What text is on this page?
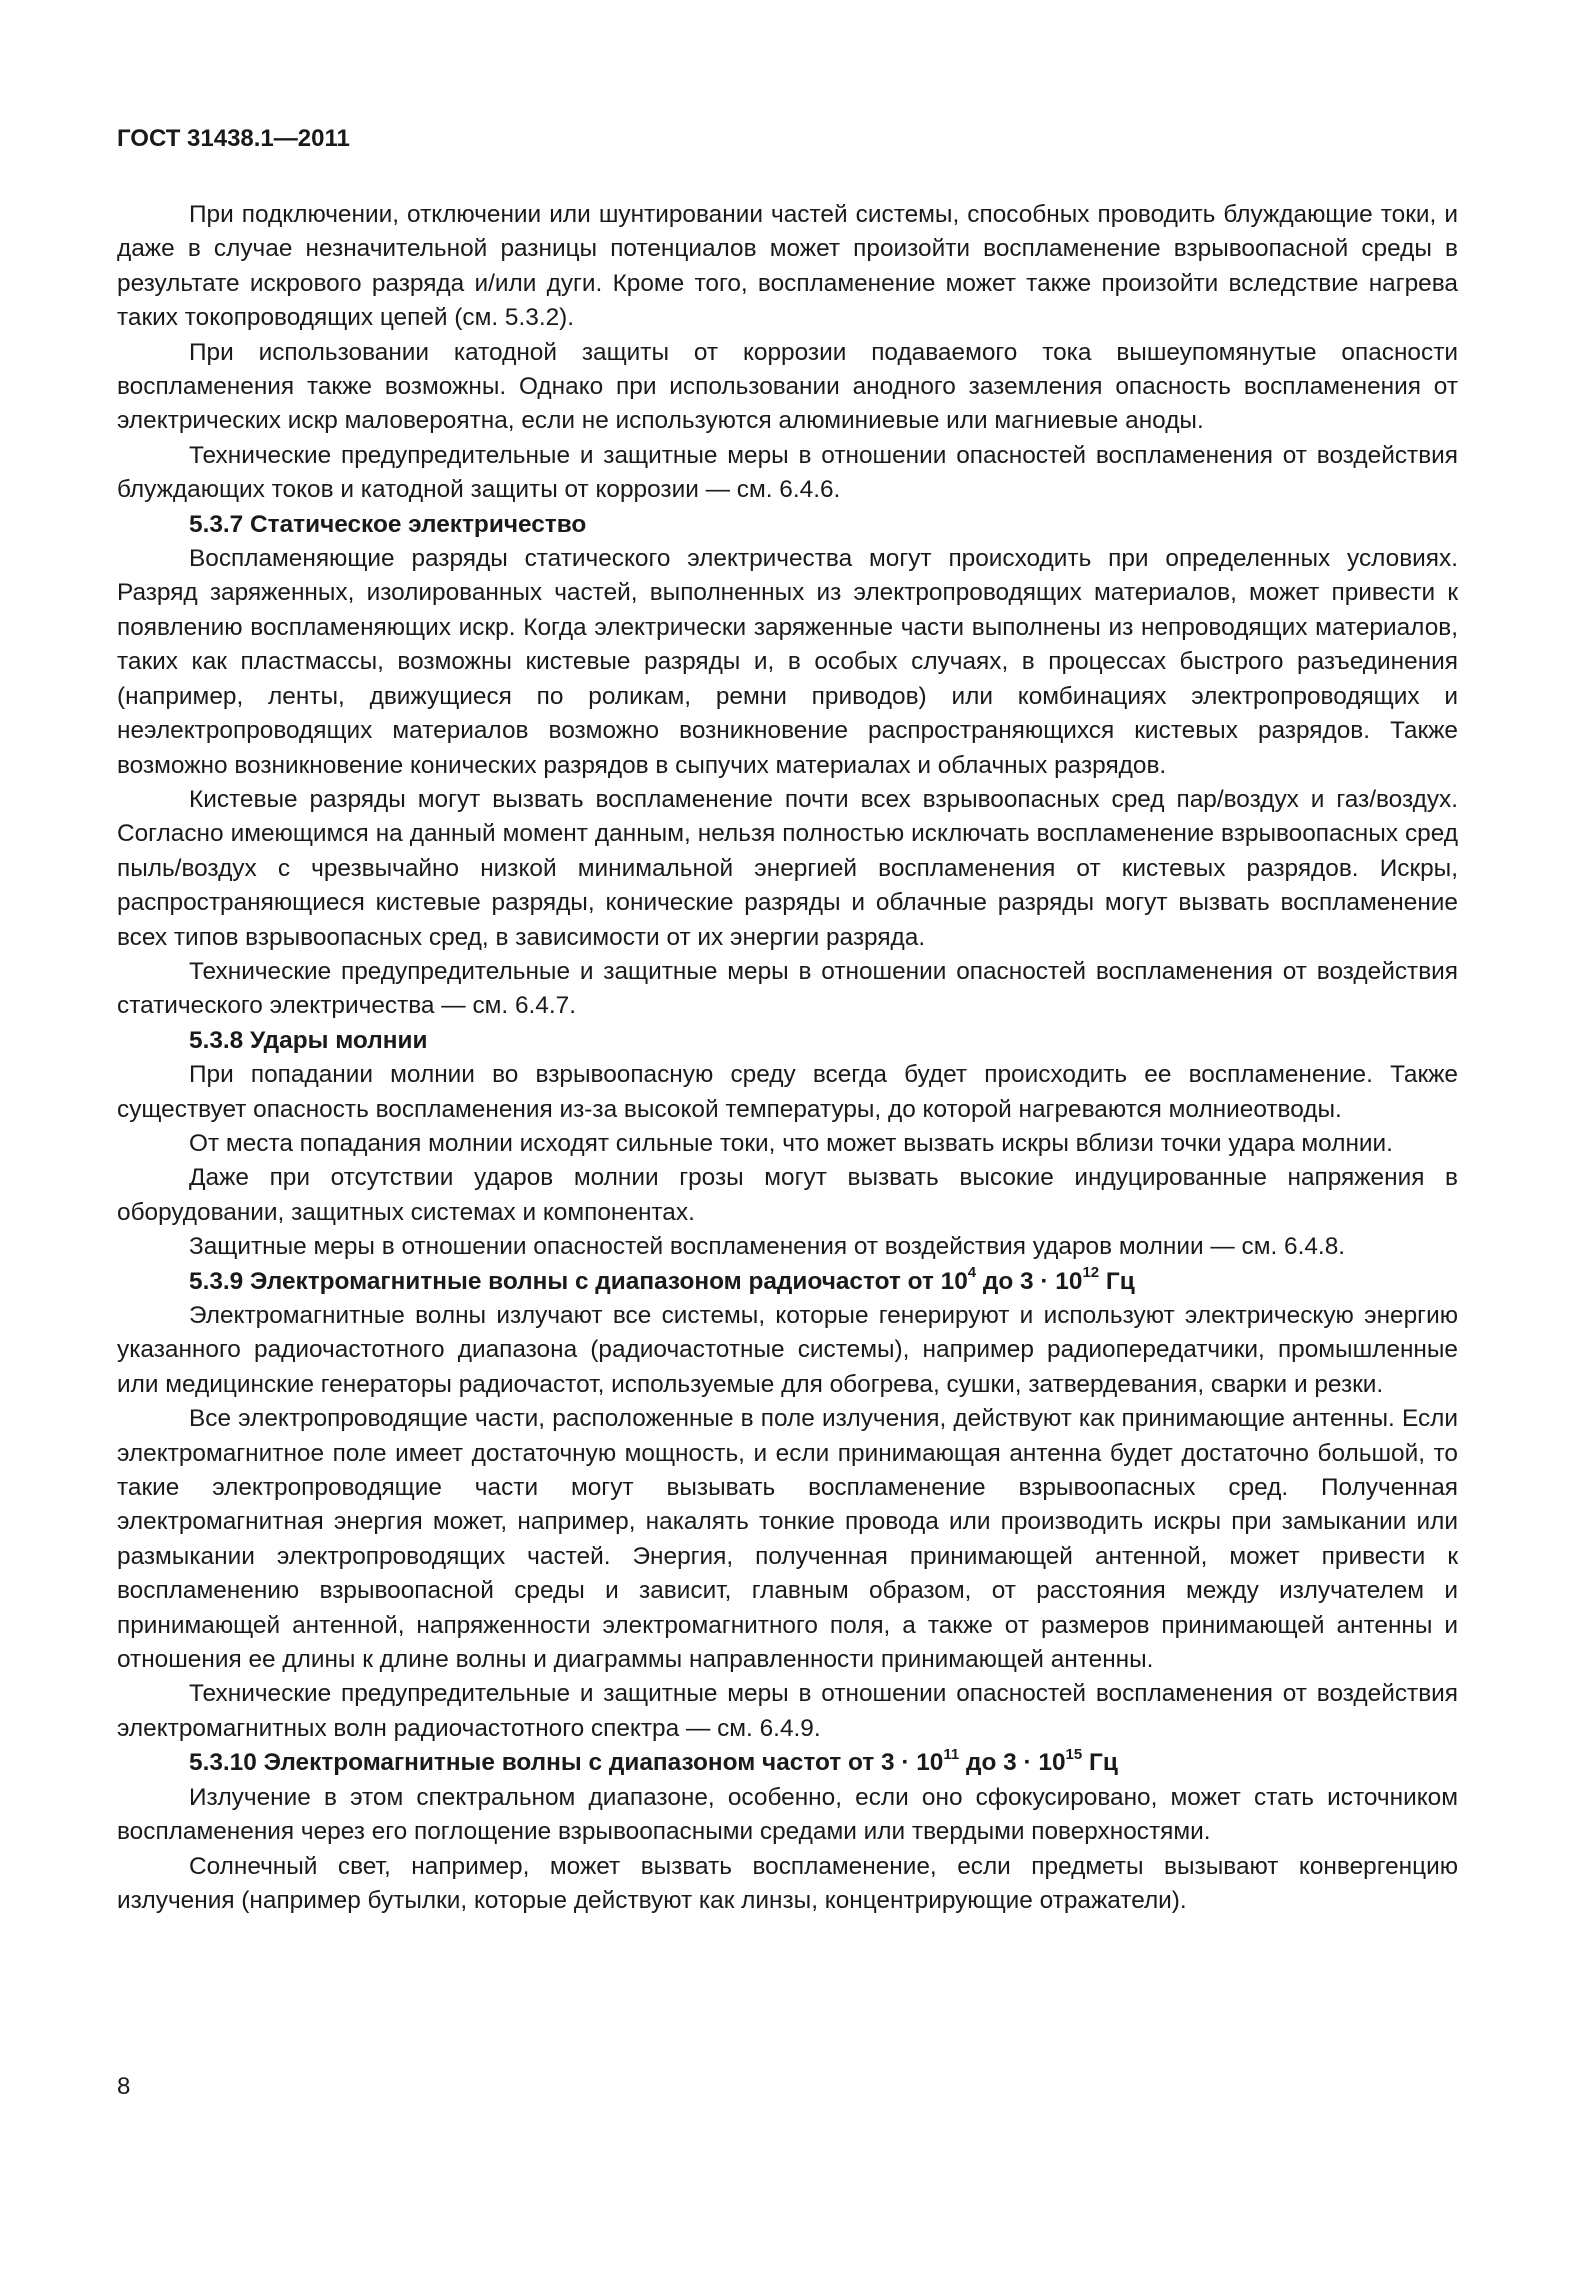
ГОСТ 31438.1—2011

При подключении, отключении или шунтировании частей системы, способных проводить блуждающие токи, и даже в случае незначительной разницы потенциалов может произойти воспламенение взрывоопасной среды в результате искрового разряда и/или дуги. Кроме того, воспламенение может также произойти вследствие нагрева таких токопроводящих цепей (см. 5.3.2).

При использовании катодной защиты от коррозии подаваемого тока вышеупомянутые опасности воспламенения также возможны. Однако при использовании анодного заземления опасность воспламенения от электрических искр маловероятна, если не используются алюминиевые или магниевые аноды.

Технические предупредительные и защитные меры в отношении опасностей воспламенения от воздействия блуждающих токов и катодной защиты от коррозии — см. 6.4.6.

5.3.7 Статическое электричество

Воспламеняющие разряды статического электричества могут происходить при определенных условиях. Разряд заряженных, изолированных частей, выполненных из электропроводящих материалов, может привести к появлению воспламеняющих искр. Когда электрически заряженные части выполнены из непроводящих материалов, таких как пластмассы, возможны кистевые разряды и, в особых случаях, в процессах быстрого разъединения (например, ленты, движущиеся по роликам, ремни приводов) или комбинациях электропроводящих и неэлектропроводящих материалов возможно возникновение распространяющихся кистевых разрядов. Также возможно возникновение конических разрядов в сыпучих материалах и облачных разрядов.

Кистевые разряды могут вызвать воспламенение почти всех взрывоопасных сред пар/воздух и газ/воздух. Согласно имеющимся на данный момент данным, нельзя полностью исключать воспламенение взрывоопасных сред пыль/воздух с чрезвычайно низкой минимальной энергией воспламенения от кистевых разрядов. Искры, распространяющиеся кистевые разряды, конические разряды и облачные разряды могут вызвать воспламенение всех типов взрывоопасных сред, в зависимости от их энергии разряда.

Технические предупредительные и защитные меры в отношении опасностей воспламенения от воздействия статического электричества — см. 6.4.7.

5.3.8 Удары молнии

При попадании молнии во взрывоопасную среду всегда будет происходить ее воспламенение. Также существует опасность воспламенения из-за высокой температуры, до которой нагреваются молниеотводы.

От места попадания молнии исходят сильные токи, что может вызвать искры вблизи точки удара молнии.

Даже при отсутствии ударов молнии грозы могут вызвать высокие индуцированные напряжения в оборудовании, защитных системах и компонентах.

Защитные меры в отношении опасностей воспламенения от воздействия ударов молнии — см. 6.4.8.

5.3.9 Электромагнитные волны с диапазоном радиочастот от $10^4$ до $3 \cdot 10^{12}$ Гц

Электромагнитные волны излучают все системы, которые генерируют и используют электрическую энергию указанного радиочастотного диапазона (радиочастотные системы), например радиопередатчики, промышленные или медицинские генераторы радиочастот, используемые для обогрева, сушки, затвердевания, сварки и резки.

Все электропроводящие части, расположенные в поле излучения, действуют как принимающие антенны. Если электромагнитное поле имеет достаточную мощность, и если принимающая антенна будет достаточно большой, то такие электропроводящие части могут вызывать воспламенение взрывоопасных сред. Полученная электромагнитная энергия может, например, накалять тонкие провода или производить искры при замыкании или размыкании электропроводящих частей. Энергия, полученная принимающей антенной, может привести к воспламенению взрывоопасной среды и зависит, главным образом, от расстояния между излучателем и принимающей антенной, напряженности электромагнитного поля, а также от размеров принимающей антенны и отношения ее длины к длине волны и диаграммы направленности принимающей антенны.

Технические предупредительные и защитные меры в отношении опасностей воспламенения от воздействия электромагнитных волн радиочастотного спектра — см. 6.4.9.

5.3.10 Электромагнитные волны с диапазоном частот от $3 \cdot 10^{11}$ до $3 \cdot 10^{15}$ Гц

Излучение в этом спектральном диапазоне, особенно, если оно сфокусировано, может стать источником воспламенения через его поглощение взрывоопасными средами или твердыми поверхностями.

Солнечный свет, например, может вызвать воспламенение, если предметы вызывают конвергенцию излучения (например бутылки, которые действуют как линзы, концентрирующие отражатели).

8
